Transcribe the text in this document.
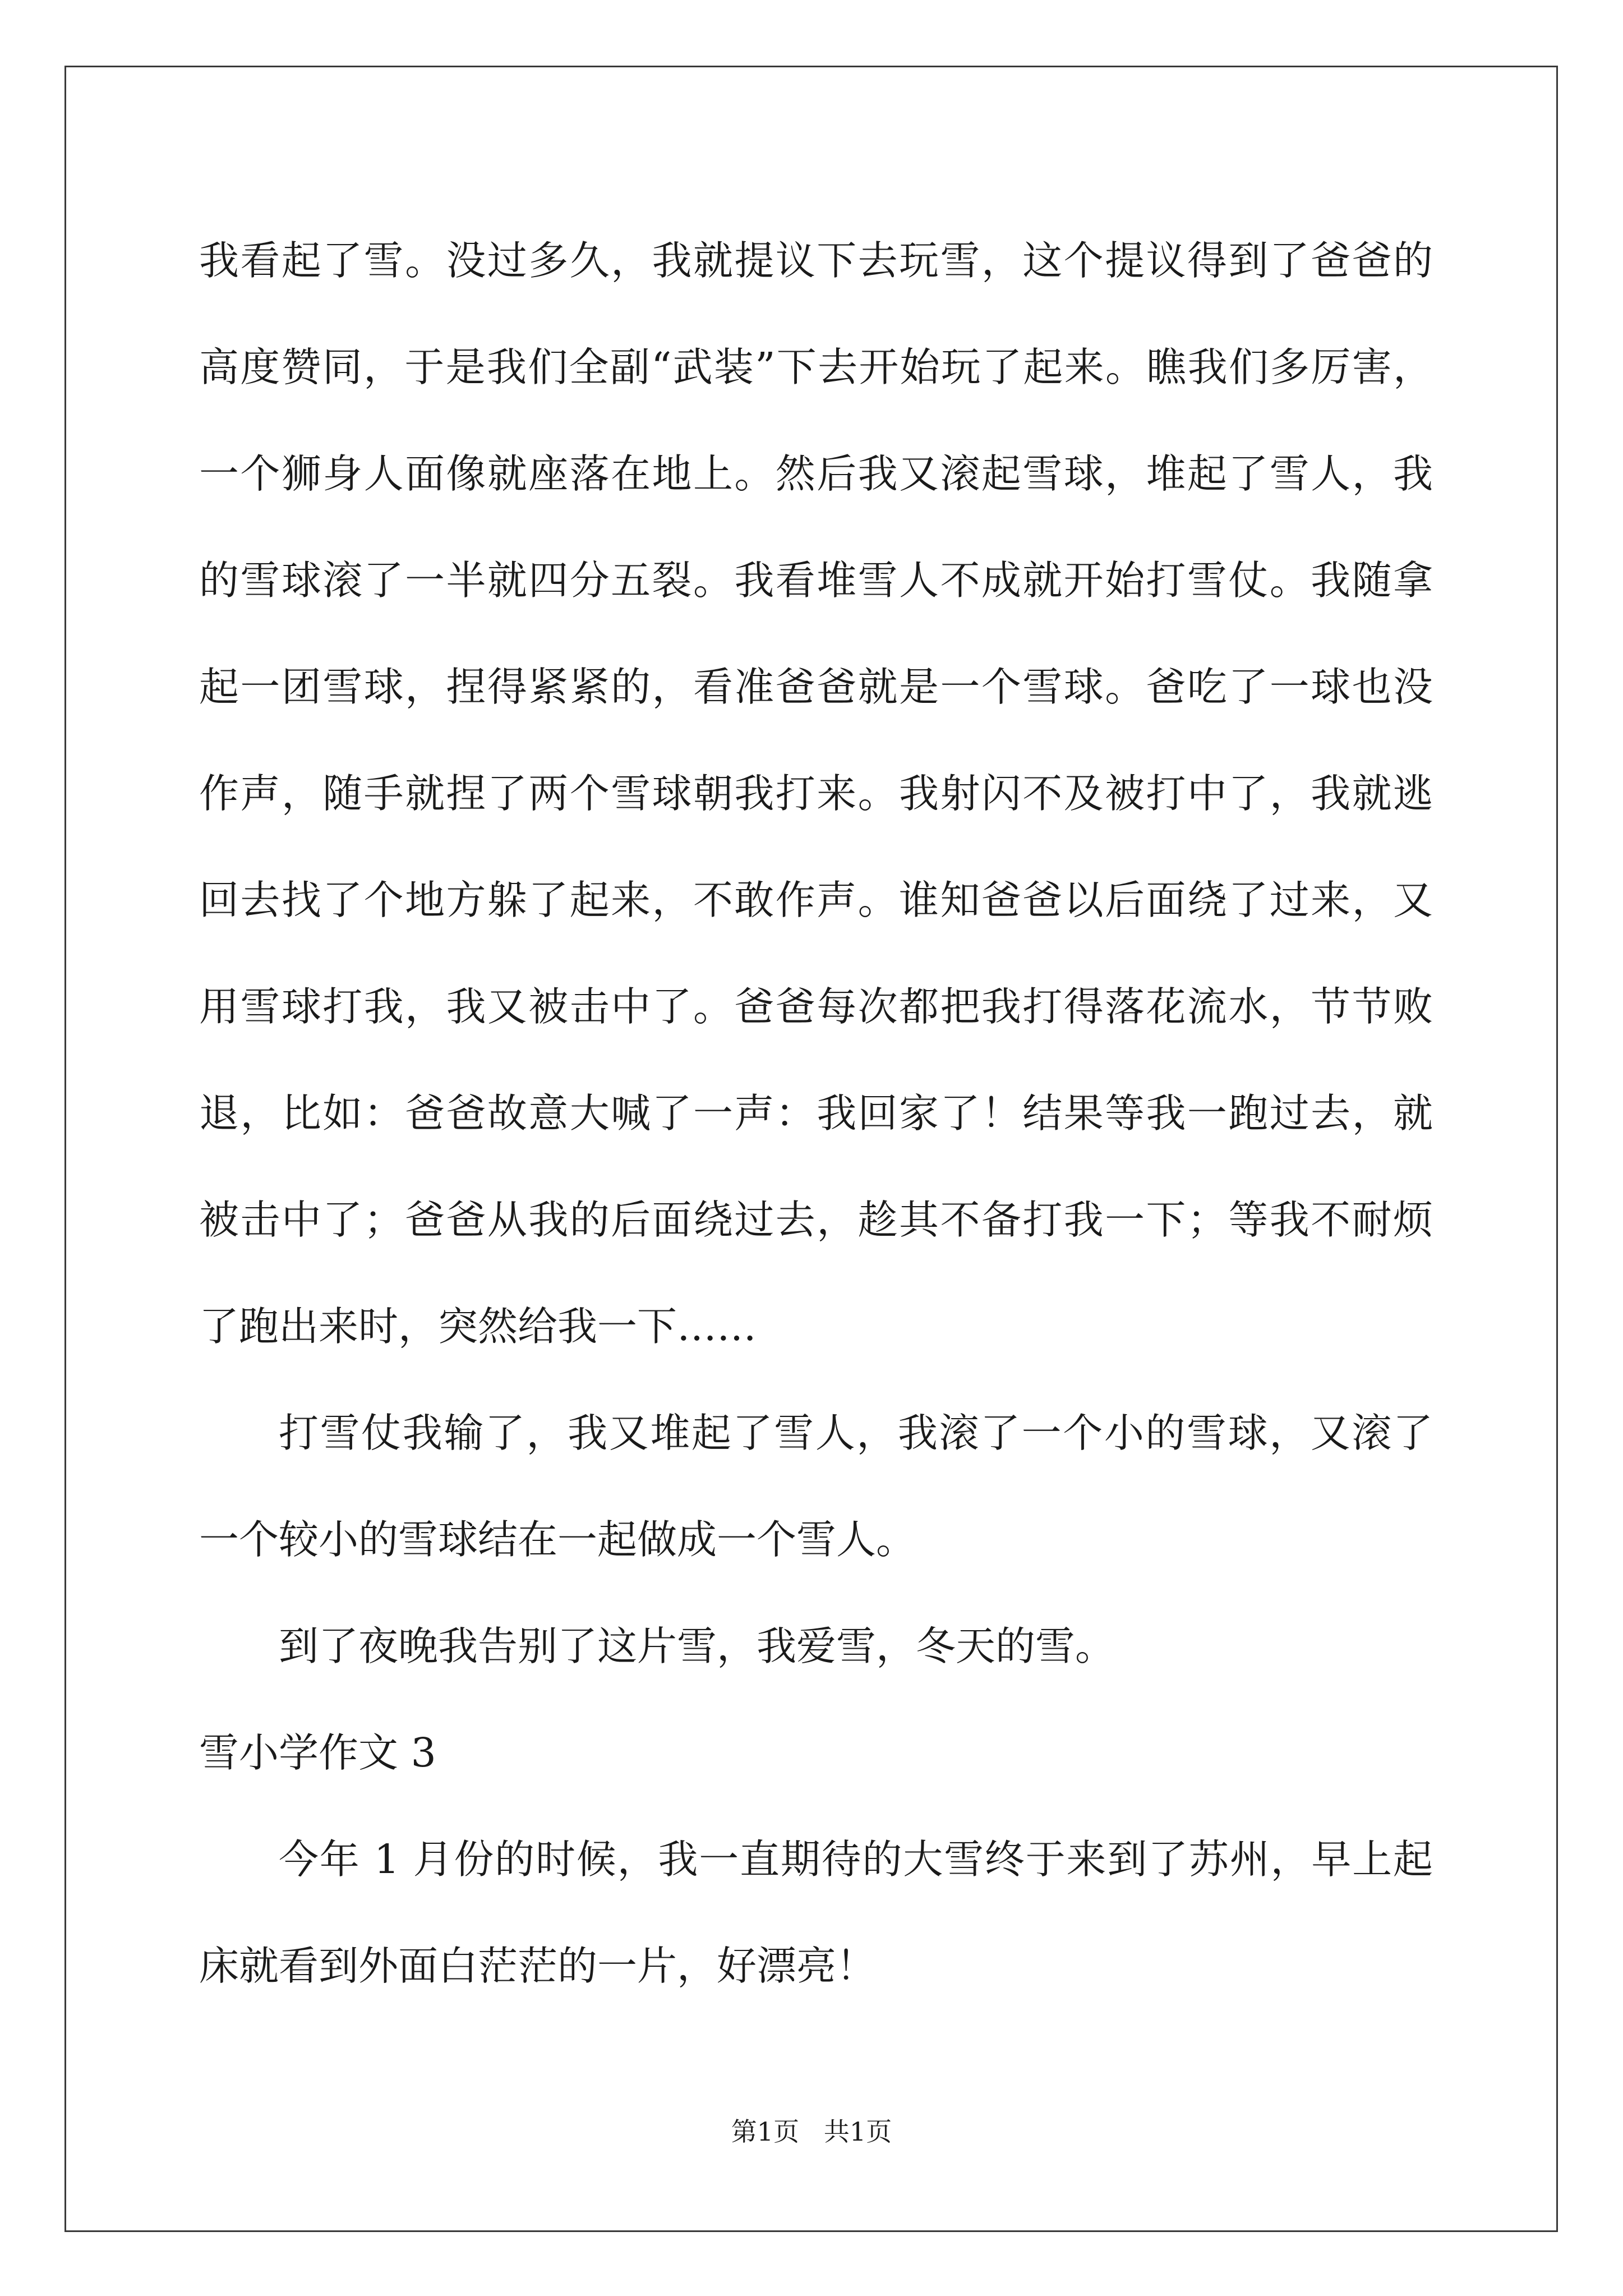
我看起了雪。没过多久，我就提议下去玩雪，这个提议得到了爸爸的
高度赞同，于是我们全副“武装”下去开始玩了起来。瞧我们多厉害，
一个狮身人面像就座落在地上。然后我又滚起雪球，堆起了雪人，我
的雪球滚了一半就四分五裂。我看堆雪人不成就开始打雪仗。我随拿
起一团雪球，捏得紧紧的，看准爸爸就是一个雪球。爸吃了一球也没
作声，随手就捏了两个雪球朝我打来。我射闪不及被打中了，我就逃
回去找了个地方躲了起来，不敢作声。谁知爸爸以后面绕了过来，又
用雪球打我，我又被击中了。爸爸每次都把我打得落花流水，节节败
退，比如：爸爸故意大喊了一声：我回家了！结果等我一跑过去，就
被击中了；爸爸从我的后面绕过去，趁其不备打我一下；等我不耐烦
了跑出来时，突然给我一下……
打雪仗我输了，我又堆起了雪人，我滚了一个小的雪球，又滚了
一个较小的雪球结在一起做成一个雪人。
到了夜晚我告别了这片雪，我爱雪，冬天的雪。
雪小学作文 3
今年 1 月份的时候，我一直期待的大雪终于来到了苏州，早上起
床就看到外面白茫茫的一片，好漂亮！
第1页   共1页
